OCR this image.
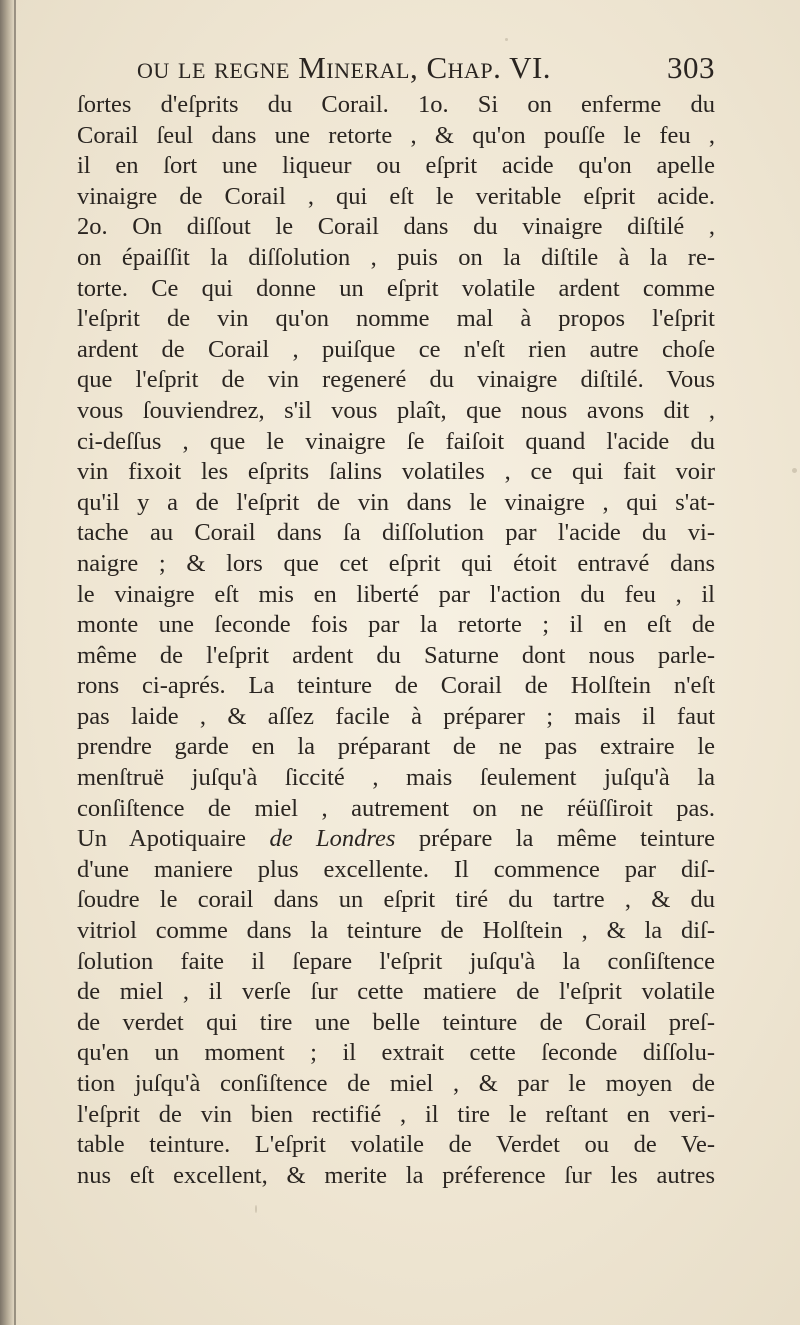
ou le regne Mineral, Chap. VI.	303
ſortes d'eſprits du Corail. 1o. Si on enferme du
Corail ſeul dans une retorte , & qu'on pouſſe le feu ,
il en ſort une liqueur ou eſprit acide qu'on apelle
vinaigre de Corail , qui eſt le veritable eſprit acide.
2o. On diſſout le Corail dans du vinaigre diſtilé ,
on épaiſſit la diſſolution , puis on la diſtile à la re-
torte. Ce qui donne un eſprit volatile ardent comme
l'eſprit de vin qu'on nomme mal à propos l'eſprit
ardent de Corail , puiſque ce n'eſt rien autre choſe
que l'eſprit de vin regeneré du vinaigre diſtilé. Vous
vous ſouviendrez, s'il vous plaît, que nous avons dit ,
ci-deſſus , que le vinaigre ſe faiſoit quand l'acide du
vin fixoit les eſprits ſalins volatiles , ce qui fait voir
qu'il y a de l'eſprit de vin dans le vinaigre , qui s'at-
tache au Corail dans ſa diſſolution par l'acide du vi-
naigre ; & lors que cet eſprit qui étoit entravé dans
le vinaigre eſt mis en liberté par l'action du feu , il
monte une ſeconde fois par la retorte ; il en eſt de
même de l'eſprit ardent du Saturne dont nous parle-
rons ci-aprés. La teinture de Corail de Holſtein n'eſt
pas laide , & aſſez facile à préparer ; mais il faut
prendre garde en la préparant de ne pas extraire le
menſtruë juſqu'à ſiccité , mais ſeulement juſqu'à la
conſiſtence de miel , autrement on ne réüſſiroit pas.
Un Apotiquaire de Londres prépare la même teinture
d'une maniere plus excellente. Il commence par diſ-
ſoudre le corail dans un eſprit tiré du tartre , & du
vitriol comme dans la teinture de Holſtein , & la diſ-
ſolution faite il ſepare l'eſprit juſqu'à la conſiſtence
de miel , il verſe ſur cette matiere de l'eſprit volatile
de verdet qui tire une belle teinture de Corail preſ-
qu'en un moment ; il extrait cette ſeconde diſſolu-
tion juſqu'à conſiſtence de miel , & par le moyen de
l'eſprit de vin bien rectifié , il tire le reſtant en veri-
table teinture. L'eſprit volatile de Verdet ou de Ve-
nus eſt excellent, & merite la préference ſur les autres
